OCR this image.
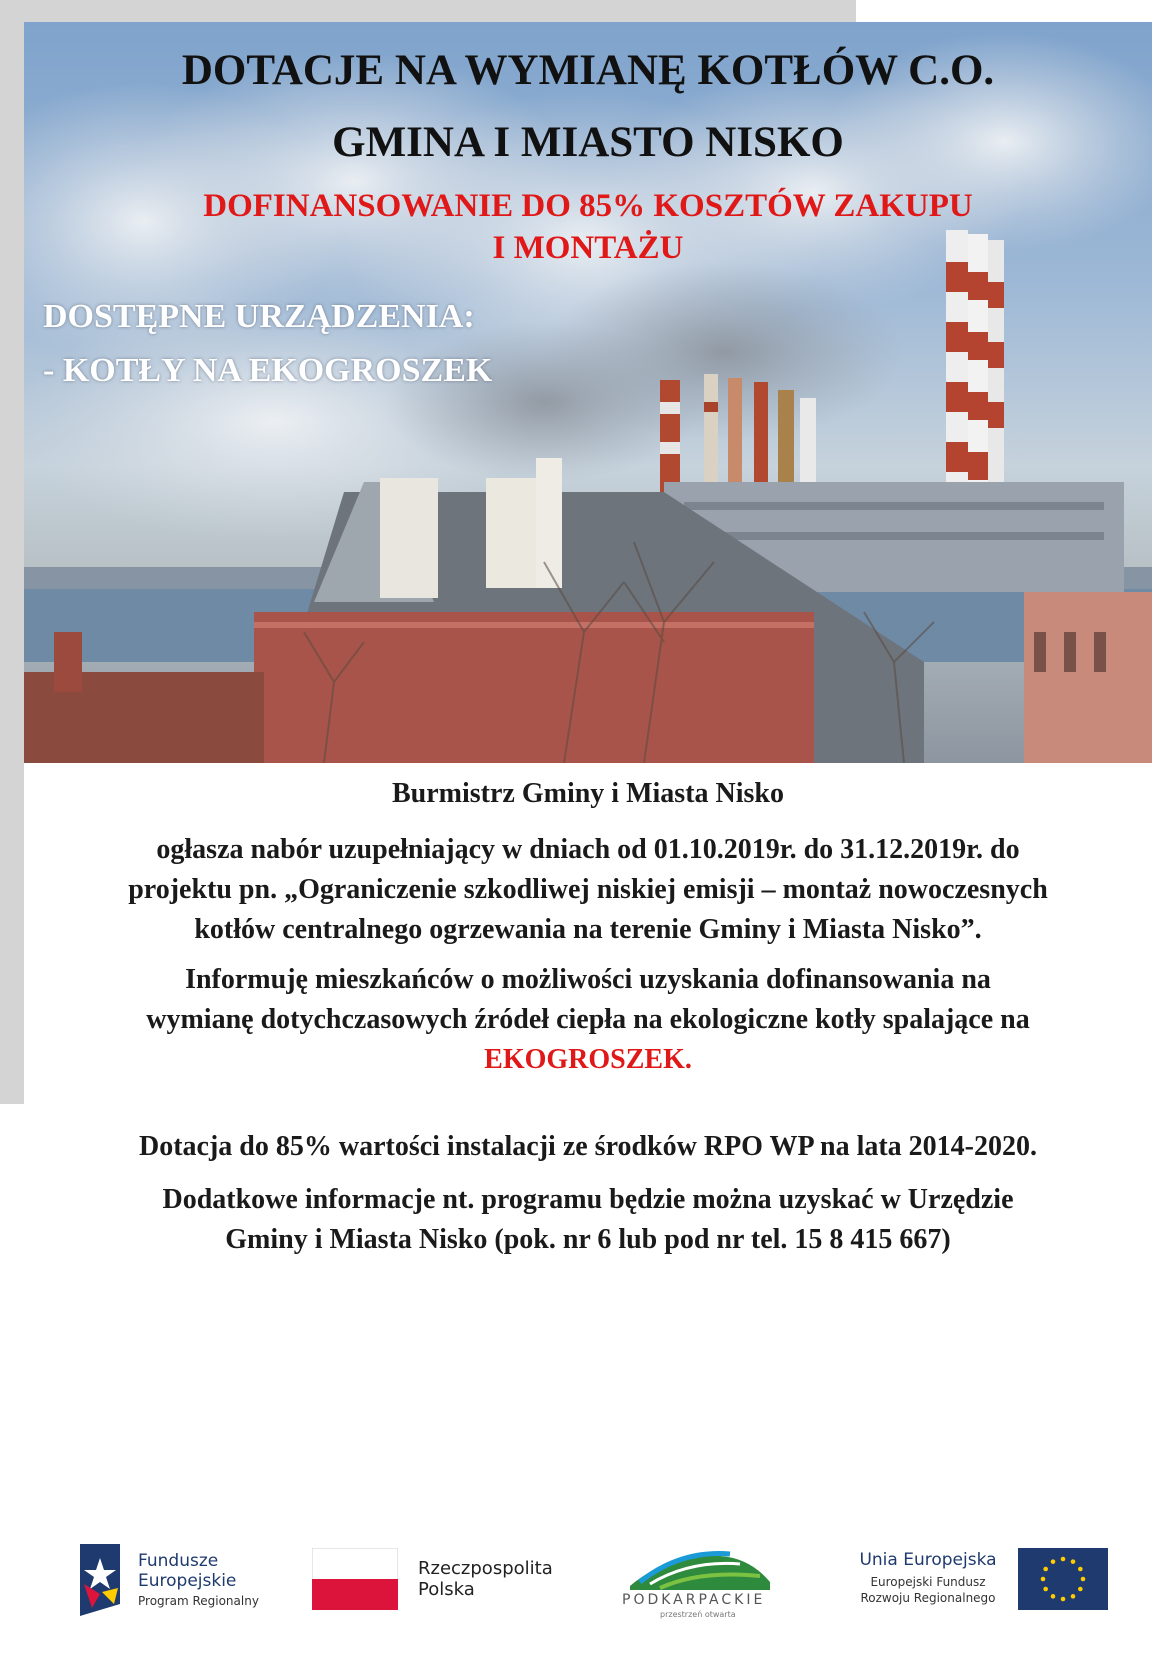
DOTACJE NA WYMIANĘ KOTŁÓW C.O.
GMINA I MIASTO NISKO
DOFINANSOWANIE DO 85% KOSZTÓW ZAKUPU
I MONTAŻU
DOSTĘPNE URZĄDZENIA:
- KOTŁY NA EKOGROSZEK
Burmistrz Gminy i Miasta Nisko
ogłasza nabór uzupełniający w dniach od 01.10.2019r. do 31.12.2019r. do
projektu pn. „Ograniczenie szkodliwej niskiej emisji – montaż nowoczesnych
kotłów centralnego ogrzewania na terenie Gminy i Miasta Nisko”.
Informuję mieszkańców o możliwości uzyskania dofinansowania na
wymianę dotychczasowych źródeł ciepła na ekologiczne kotły spalające na
EKOGROSZEK.
Dotacja do 85% wartości instalacji ze środków RPO WP na lata 2014-2020.
Dodatkowe informacje nt. programu będzie można uzyskać w Urzędzie
Gminy i Miasta Nisko (pok. nr 6 lub pod nr tel. 15 8 415 667)
Fundusze
Europejskie
Program Regionalny
Rzeczpospolita
Polska	PODKARPACKIE
przestrzeń otwarta
Unia Europejska
Europejski Fundusz
Rozwoju Regionalnego
